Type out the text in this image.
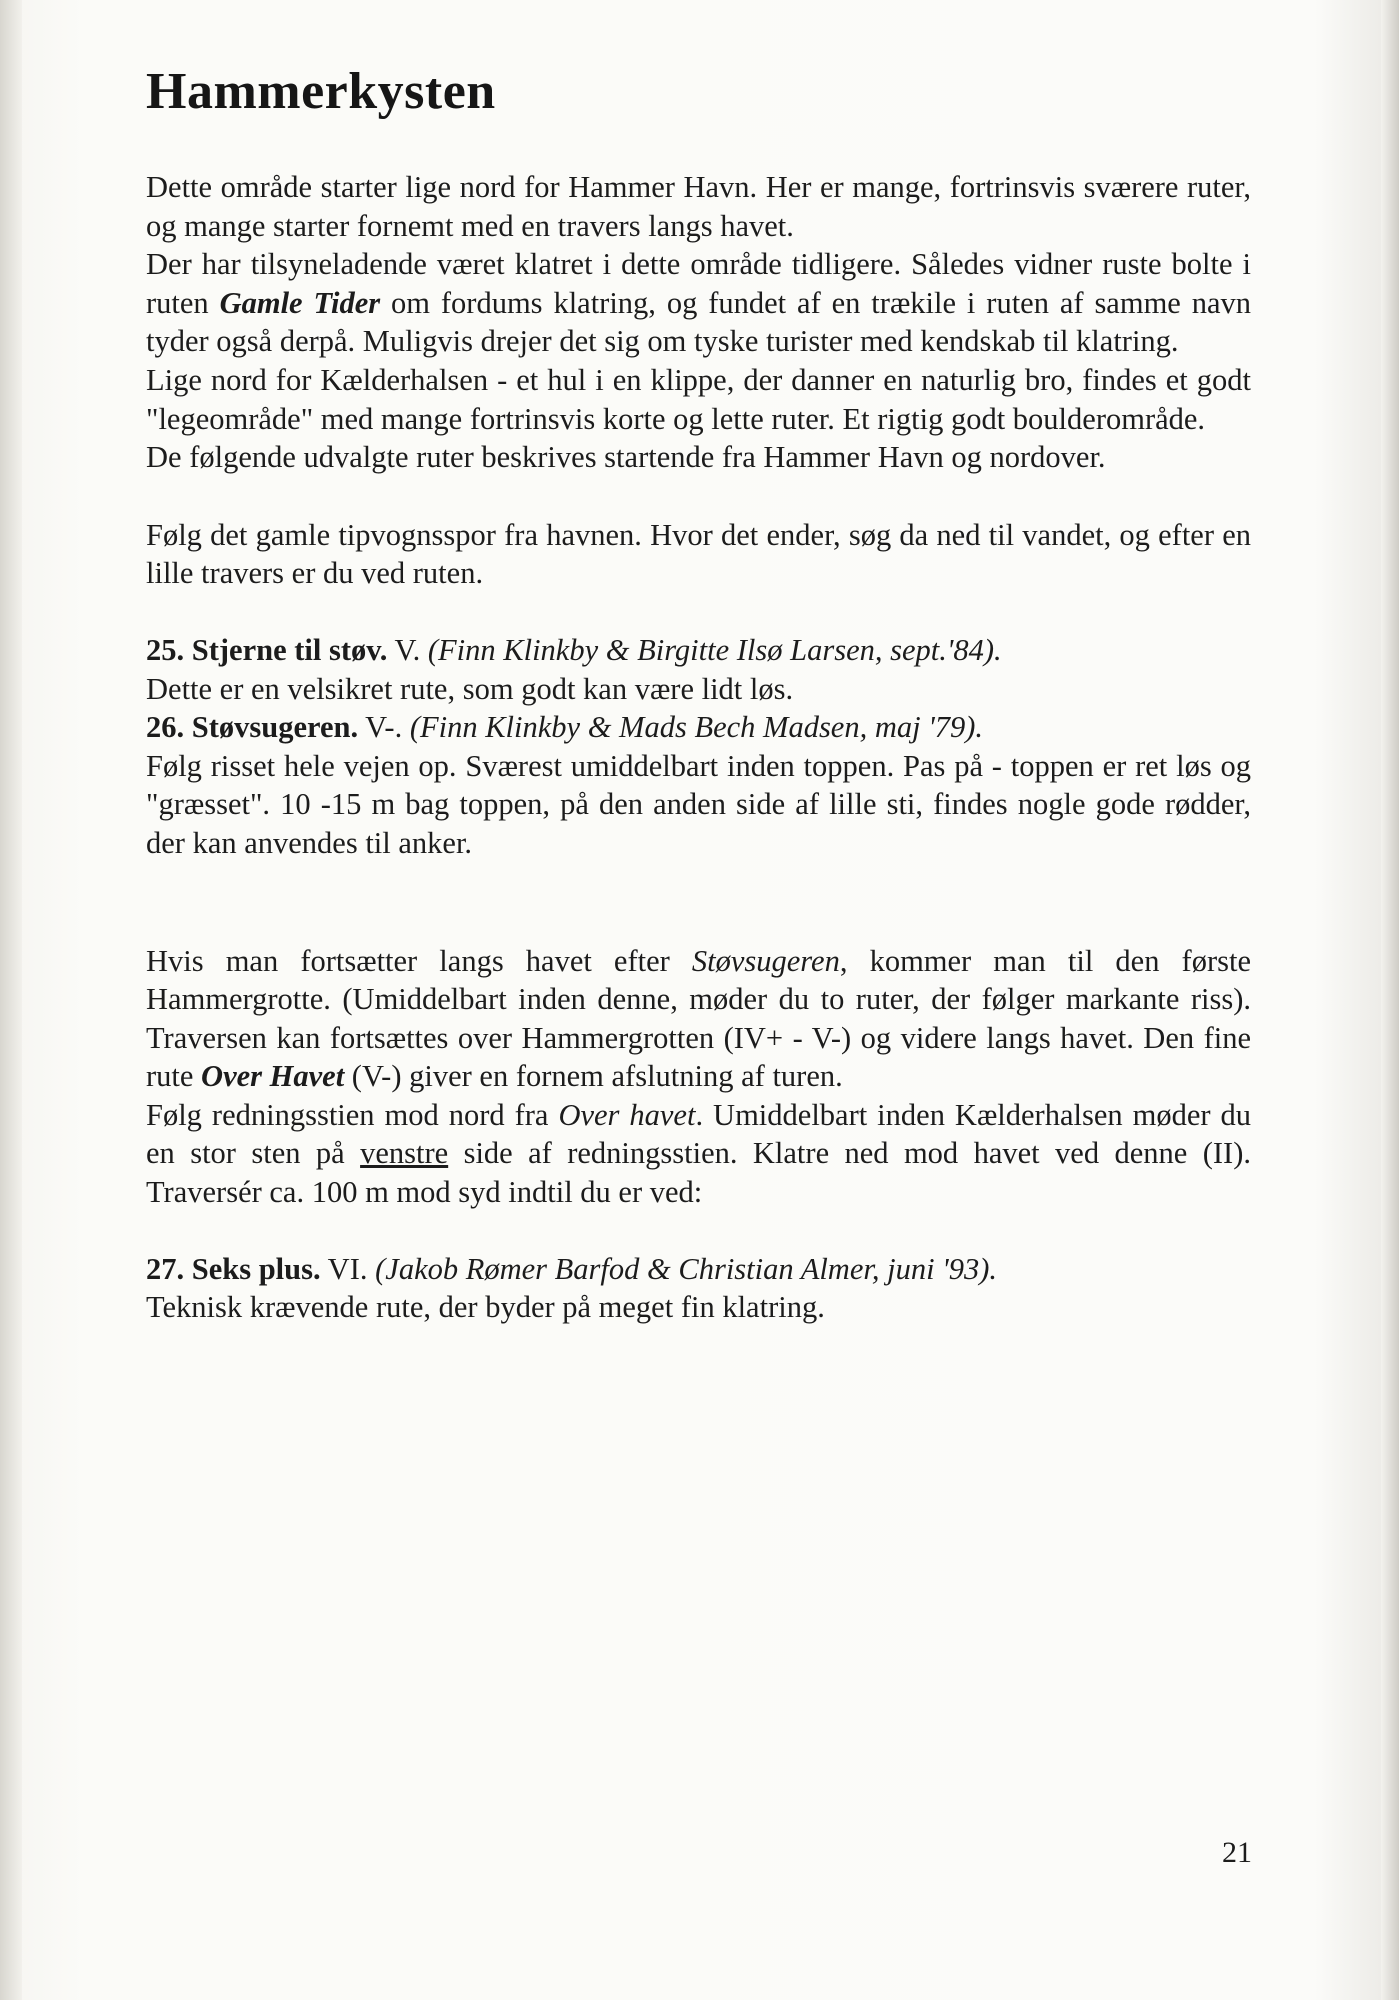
Hammerkysten

Dette område starter lige nord for Hammer Havn. Her er mange, fortrinsvis sværere ruter, og mange starter fornemt med en travers langs havet.

Der har tilsyneladende været klatret i dette område tidligere. Således vidner ruste bolte i ruten Gamle Tider om fordums klatring, og fundet af en trækile i ruten af samme navn tyder også derpå. Muligvis drejer det sig om tyske turister med kendskab til klatring.

Lige nord for Kælderhalsen - et hul i en klippe, der danner en naturlig bro, findes et godt "legeområde" med mange fortrinsvis korte og lette ruter. Et rigtig godt boulderområde.

De følgende udvalgte ruter beskrives startende fra Hammer Havn og nordover.

Følg det gamle tipvognsspor fra havnen. Hvor det ender, søg da ned til vandet, og efter en lille travers er du ved ruten.

25. Stjerne til støv. V. (Finn Klinkby & Birgitte Ilsø Larsen, sept.'84).

Dette er en velsikret rute, som godt kan være lidt løs.

26. Støvsugeren. V-. (Finn Klinkby & Mads Bech Madsen, maj '79).

Følg risset hele vejen op. Sværest umiddelbart inden toppen. Pas på - toppen er ret løs og "græsset". 10 -15 m bag toppen, på den anden side af lille sti, findes nogle gode rødder, der kan anvendes til anker.

Hvis man fortsætter langs havet efter Støvsugeren, kommer man til den første Hammergrotte. (Umiddelbart inden denne, møder du to ruter, der følger markante riss). Traversen kan fortsættes over Hammergrotten (IV+ - V-) og videre langs havet. Den fine rute Over Havet (V-) giver en fornem afslutning af turen.

Følg redningsstien mod nord fra Over havet. Umiddelbart inden Kælderhalsen møder du en stor sten på venstre side af redningsstien. Klatre ned mod havet ved denne (II). Traversér ca. 100 m mod syd indtil du er ved:

27. Seks plus. VI. (Jakob Rømer Barfod & Christian Almer, juni '93).

Teknisk krævende rute, der byder på meget fin klatring.

21
